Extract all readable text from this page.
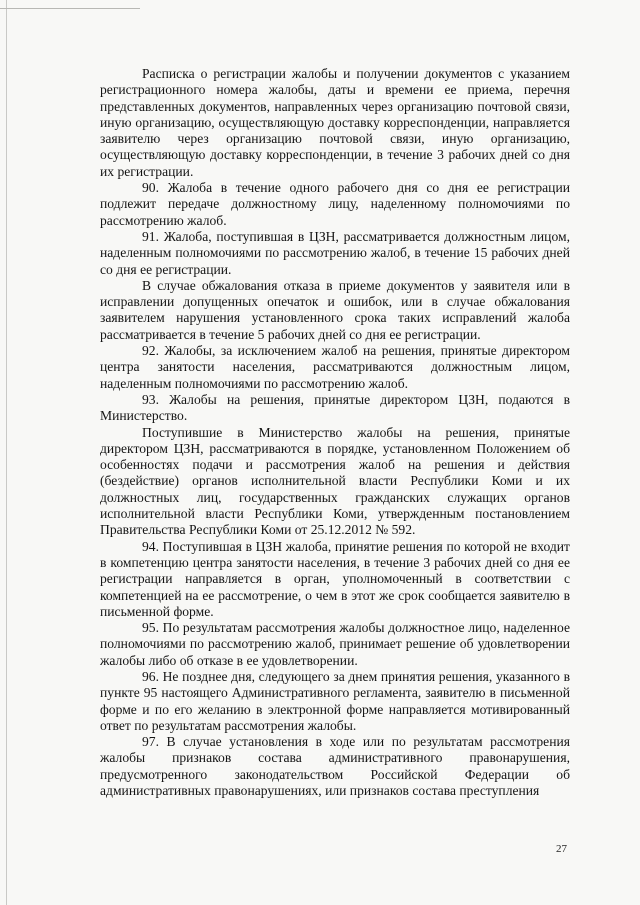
Расписка о регистрации жалобы и получении документов с указанием регистрационного номера жалобы, даты и времени ее приема, перечня представленных документов, направленных через организацию почтовой связи, иную организацию, осуществляющую доставку корреспонденции, направляется заявителю через организацию почтовой связи, иную организацию, осуществляющую доставку корреспонденции, в течение 3 рабочих дней со дня их регистрации.

90. Жалоба в течение одного рабочего дня со дня ее регистрации подлежит передаче должностному лицу, наделенному полномочиями по рассмотрению жалоб.

91. Жалоба, поступившая в ЦЗН, рассматривается должностным лицом, наделенным полномочиями по рассмотрению жалоб, в течение 15 рабочих дней со дня ее регистрации.

В случае обжалования отказа в приеме документов у заявителя или в исправлении допущенных опечаток и ошибок, или в случае обжалования заявителем нарушения установленного срока таких исправлений жалоба рассматривается в течение 5 рабочих дней со дня ее регистрации.

92. Жалобы, за исключением жалоб на решения, принятые директором центра занятости населения, рассматриваются должностным лицом, наделенным полномочиями по рассмотрению жалоб.

93. Жалобы на решения, принятые директором ЦЗН, подаются в Министерство.

Поступившие в Министерство жалобы на решения, принятые директором ЦЗН, рассматриваются в порядке, установленном Положением об особенностях подачи и рассмотрения жалоб на решения и действия (бездействие) органов исполнительной власти Республики Коми и их должностных лиц, государственных гражданских служащих органов исполнительной власти Республики Коми, утвержденным постановлением Правительства Республики Коми от 25.12.2012 № 592.

94. Поступившая в ЦЗН жалоба, принятие решения по которой не входит в компетенцию центра занятости населения, в течение 3 рабочих дней со дня ее регистрации направляется в орган, уполномоченный в соответствии с компетенцией на ее рассмотрение, о чем в этот же срок сообщается заявителю в письменной форме.

95. По результатам рассмотрения жалобы должностное лицо, наделенное полномочиями по рассмотрению жалоб, принимает решение об удовлетворении жалобы либо об отказе в ее удовлетворении.

96. Не позднее дня, следующего за днем принятия решения, указанного в пункте 95 настоящего Административного регламента, заявителю в письменной форме и по его желанию в электронной форме направляется мотивированный ответ по результатам рассмотрения жалобы.

97. В случае установления в ходе или по результатам рассмотрения жалобы признаков состава административного правонарушения, предусмотренного законодательством Российской Федерации об административных правонарушениях, или признаков состава преступления

27
